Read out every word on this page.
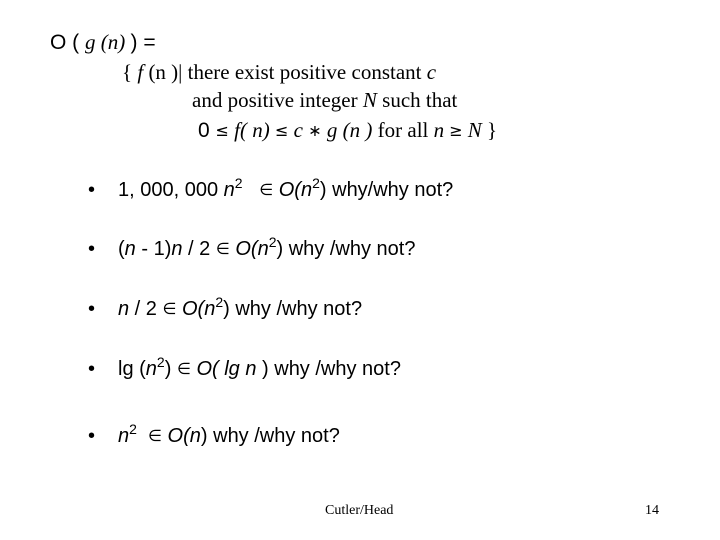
O ( g (n) ) =
{ f (n )| there exist positive constant c
and positive integer N such that
0 ≤ f( n) ≤ c ∗ g (n ) for all n ≥ N }
• 1, 000, 000 $n^2$ ∈ $O(n^2)$ why/why not?
• (n - 1)n / 2 ∈ $O(n^2)$ why /why not?
• n / 2 ∈ $O(n^2)$ why /why not?
• $\lg (n^2)$ ∈ O( lg n ) why /why not?
• $n^2$ ∈ O(n) why /why not?
Cutler/Head	14
